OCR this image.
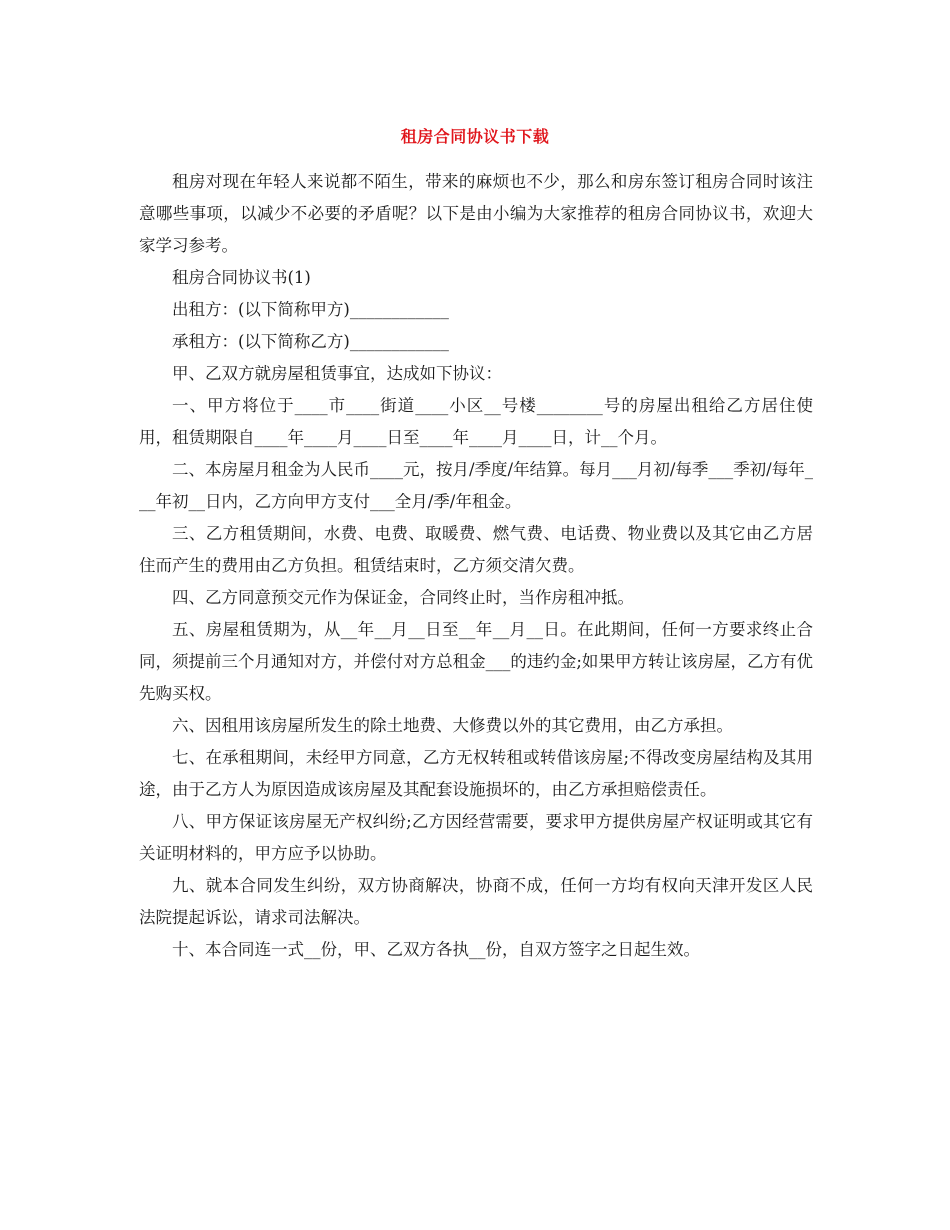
租房合同协议书下载

租房对现在年轻人来说都不陌生，带来的麻烦也不少，那么和房东签订租房合同时该注意哪些事项，以减少不必要的矛盾呢？以下是由小编为大家推荐的租房合同协议书，欢迎大家学习参考。

租房合同协议书(1)

出租方：(以下简称甲方)____________

承租方：(以下简称乙方)____________

甲、乙双方就房屋租赁事宜，达成如下协议：

一、甲方将位于____市____街道____小区__号楼________号的房屋出租给乙方居住使用，租赁期限自____年____月____日至____年____月____日，计__个月。

二、本房屋月租金为人民币____元，按月/季度/年结算。每月___月初/每季___季初/每年___年初__日内，乙方向甲方支付___全月/季/年租金。

三、乙方租赁期间，水费、电费、取暖费、燃气费、电话费、物业费以及其它由乙方居住而产生的费用由乙方负担。租赁结束时，乙方须交清欠费。

四、乙方同意预交元作为保证金，合同终止时，当作房租冲抵。

五、房屋租赁期为，从__年__月__日至__年__月__日。在此期间，任何一方要求终止合同，须提前三个月通知对方，并偿付对方总租金___的违约金;如果甲方转让该房屋，乙方有优先购买权。

六、因租用该房屋所发生的除土地费、大修费以外的其它费用，由乙方承担。

七、在承租期间，未经甲方同意，乙方无权转租或转借该房屋;不得改变房屋结构及其用途，由于乙方人为原因造成该房屋及其配套设施损坏的，由乙方承担赔偿责任。

八、甲方保证该房屋无产权纠纷;乙方因经营需要，要求甲方提供房屋产权证明或其它有关证明材料的，甲方应予以协助。

九、就本合同发生纠纷，双方协商解决，协商不成，任何一方均有权向天津开发区人民法院提起诉讼，请求司法解决。

十、本合同连一式__份，甲、乙双方各执__份，自双方签字之日起生效。
